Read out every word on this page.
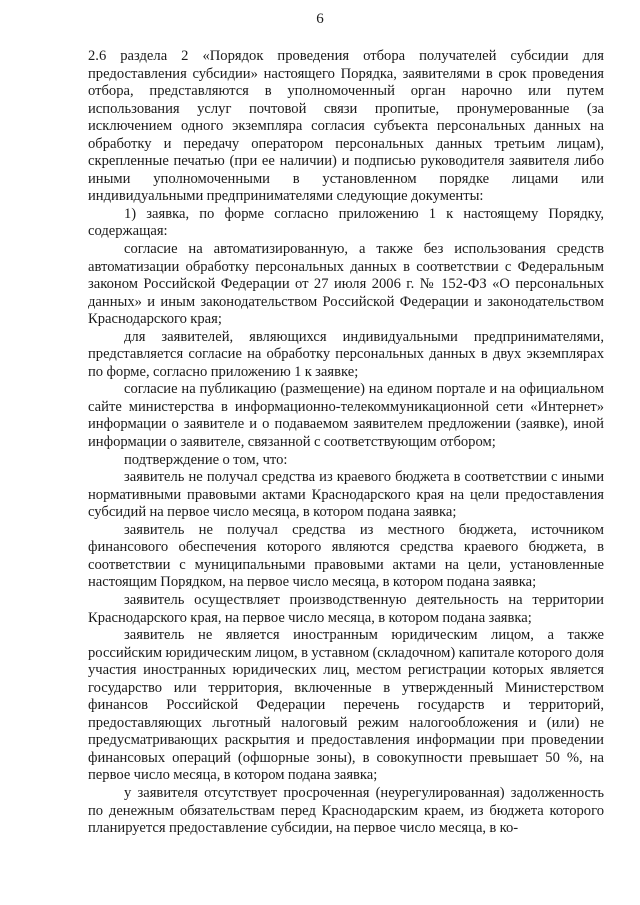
6

2.6 раздела 2 «Порядок проведения отбора получателей субсидии для предоставления субсидии» настоящего Порядка, заявителями в срок проведения отбора, представляются в уполномоченный орган нарочно или путем использования услуг почтовой связи пропитые, пронумерованные (за исключением одного экземпляра согласия субъекта персональных данных на обработку и передачу оператором персональных данных третьим лицам), скрепленные печатью (при ее наличии) и подписью руководителя заявителя либо иными уполномоченными в установленном порядке лицами или индивидуальными предпринимателями следующие документы:

1) заявка, по форме согласно приложению 1 к настоящему Порядку, содержащая:

согласие на автоматизированную, а также без использования средств автоматизации обработку персональных данных в соответствии с Федеральным законом Российской Федерации от 27 июля 2006 г. № 152-ФЗ «О персональных данных» и иным законодательством Российской Федерации и законодательством Краснодарского края;

для заявителей, являющихся индивидуальными предпринимателями, представляется согласие на обработку персональных данных в двух экземплярах по форме, согласно приложению 1 к заявке;

согласие на публикацию (размещение) на едином портале и на официальном сайте министерства в информационно-телекоммуникационной сети «Интернет» информации о заявителе и о подаваемом заявителем предложении (заявке), иной информации о заявителе, связанной с соответствующим отбором;

подтверждение о том, что:

заявитель не получал средства из краевого бюджета в соответствии с иными нормативными правовыми актами Краснодарского края на цели предоставления субсидий на первое число месяца, в котором подана заявка;

заявитель не получал средства из местного бюджета, источником финансового обеспечения которого являются средства краевого бюджета, в соответствии с муниципальными правовыми актами на цели, установленные настоящим Порядком, на первое число месяца, в котором подана заявка;

заявитель осуществляет производственную деятельность на территории Краснодарского края, на первое число месяца, в котором подана заявка;

заявитель не является иностранным юридическим лицом, а также российским юридическим лицом, в уставном (складочном) капитале которого доля участия иностранных юридических лиц, местом регистрации которых является государство или территория, включенные в утвержденный Министерством финансов Российской Федерации перечень государств и территорий, предоставляющих льготный налоговый режим налогообложения и (или) не предусматривающих раскрытия и предоставления информации при проведении финансовых операций (офшорные зоны), в совокупности превышает 50 %, на первое число месяца, в котором подана заявка;

у заявителя отсутствует просроченная (неурегулированная) задолженность по денежным обязательствам перед Краснодарским краем, из бюджета которого планируется предоставление субсидии, на первое число месяца, в ко-
